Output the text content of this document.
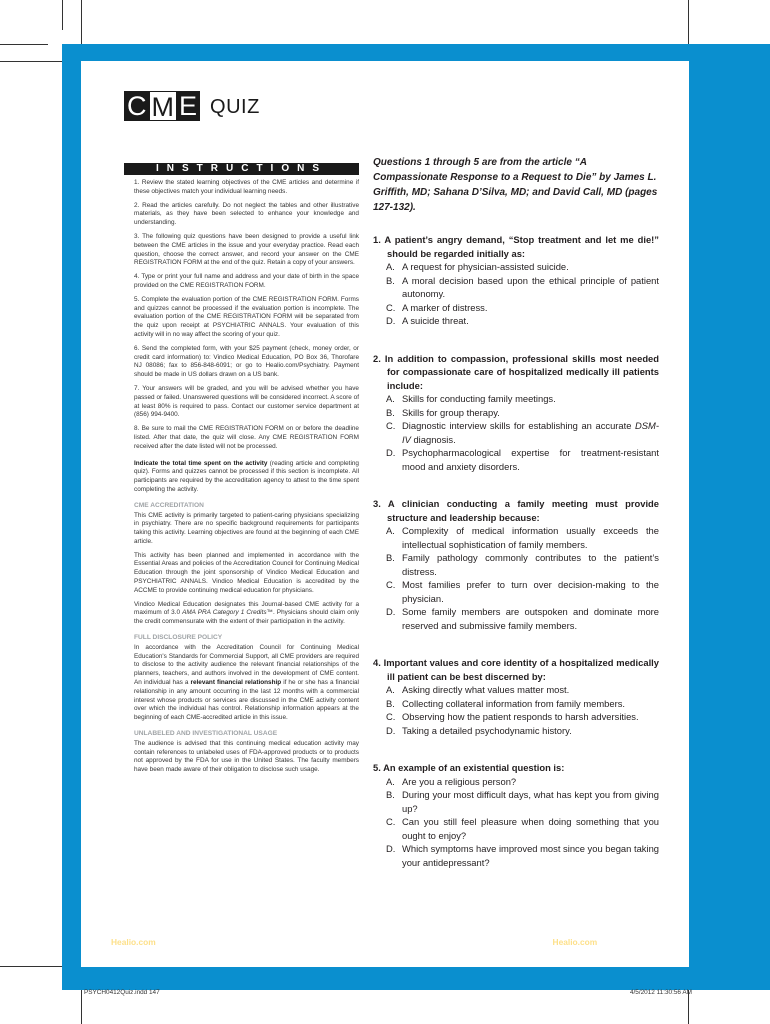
C M E QUIZ
INSTRUCTIONS

1. Review the stated learning objectives of the CME articles and determine if these objectives match your individual learning needs.

2. Read the articles carefully. Do not neglect the tables and other illustrative materials, as they have been selected to enhance your knowledge and understanding.

3. The following quiz questions have been designed to provide a useful link between the CME articles in the issue and your everyday practice. Read each question, choose the correct answer, and record your answer on the CME REGISTRATION FORM at the end of the quiz. Retain a copy of your answers.

4. Type or print your full name and address and your date of birth in the space provided on the CME REGISTRATION FORM.

5. Complete the evaluation portion of the CME REGISTRATION FORM. Forms and quizzes cannot be processed if the evaluation portion is incomplete. The evaluation portion of the CME REGISTRATION FORM will be separated from the quiz upon receipt at PSYCHIATRIC ANNALS. Your evaluation of this activity will in no way affect the scoring of your quiz.

6. Send the completed form, with your $25 payment (check, money order, or credit card information) to: Vindico Medical Education, PO Box 36, Thorofare NJ 08086; fax to 856-848-6091; or go to Healio.com/Psychiatry. Payment should be made in US dollars drawn on a US bank.

7. Your answers will be graded, and you will be advised whether you have passed or failed. Unanswered questions will be considered incorrect. A score of at least 80% is required to pass. Contact our customer service department at (856) 994-9400.

8. Be sure to mail the CME REGISTRATION FORM on or before the deadline listed. After that date, the quiz will close. Any CME REGISTRATION FORM received after the date listed will not be processed.

Indicate the total time spent on the activity (reading article and completing quiz). Forms and quizzes cannot be processed if this section is incomplete. All participants are required by the accreditation agency to attest to the time spent completing the activity.

CME ACCREDITATION

This CME activity is primarily targeted to patient-caring physicians specializing in psychiatry. There are no specific background requirements for participants taking this activity. Learning objectives are found at the beginning of each CME article.

This activity has been planned and implemented in accordance with the Essential Areas and policies of the Accreditation Council for Continuing Medical Education through the joint sponsorship of Vindico Medical Education and PSYCHIATRIC ANNALS. Vindico Medical Education is accredited by the ACCME to provide continuing medical education for physicians.

Vindico Medical Education designates this Journal-based CME activity for a maximum of 3.0 AMA PRA Category 1 Credits™. Physicians should claim only the credit commensurate with the extent of their participation in the activity.

FULL DISCLOSURE POLICY

In accordance with the Accreditation Council for Continuing Medical Education's Standards for Commercial Support, all CME providers are required to disclose to the activity audience the relevant financial relationships of the planners, teachers, and authors involved in the development of CME content. An individual has a relevant financial relationship if he or she has a financial relationship in any amount occurring in the last 12 months with a commercial interest whose products or services are discussed in the CME activity content over which the individual has control. Relationship information appears at the beginning of each CME-accredited article in this issue.

UNLABELED AND INVESTIGATIONAL USAGE

The audience is advised that this continuing medical education activity may contain references to unlabeled uses of FDA-approved products or to products not approved by the FDA for use in the United States. The faculty members have been made aware of their obligation to disclose such usage.

Questions 1 through 5 are from the article “A Compassionate Response to a Request to Die” by James L. Griffith, MD; Sahana D’Silva, MD; and David Call, MD (pages 127-132).

1. A patient’s angry demand, “Stop treatment and let me die!” should be regarded initially as:

A. A request for physician-assisted suicide.
B. A moral decision based upon the ethical principle of patient autonomy.
C. A marker of distress.
D. A suicide threat.

2. In addition to compassion, professional skills most needed for compassionate care of hospitalized medically ill patients include:

A. Skills for conducting family meetings.
B. Skills for group therapy.
C. Diagnostic interview skills for establishing an accurate DSM-IV diagnosis.
D. Psychopharmacological expertise for treatment-resistant mood and anxiety disorders.

3. A clinician conducting a family meeting must provide structure and leadership because:

A. Complexity of medical information usually exceeds the intellectual sophistication of family members.
B. Family pathology commonly contributes to the patient’s distress.
C. Most families prefer to turn over decision-making to the physician.
D. Some family members are outspoken and dominate more reserved and submissive family members.

4. Important values and core identity of a hospitalized medically ill patient can be best discerned by:

A. Asking directly what values matter most.
B. Collecting collateral information from family members.
C. Observing how the patient responds to harsh adversities.
D. Taking a detailed psychodynamic history.

5. An example of an existential question is:

A. Are you a religious person?
B. During your most difficult days, what has kept you from giving up?
C. Can you still feel pleasure when doing something that you ought to enjoy?
D. Which symptoms have improved most since you began taking your antidepressant?
Healio.com The new online home of PSYCHIATRIC ANNALS 42:4 | APRIL 2012	Healio.com/Psychiatry | 147
PSYCH0412Quiz.indd 147	4/5/2012 11:30:56 AM
